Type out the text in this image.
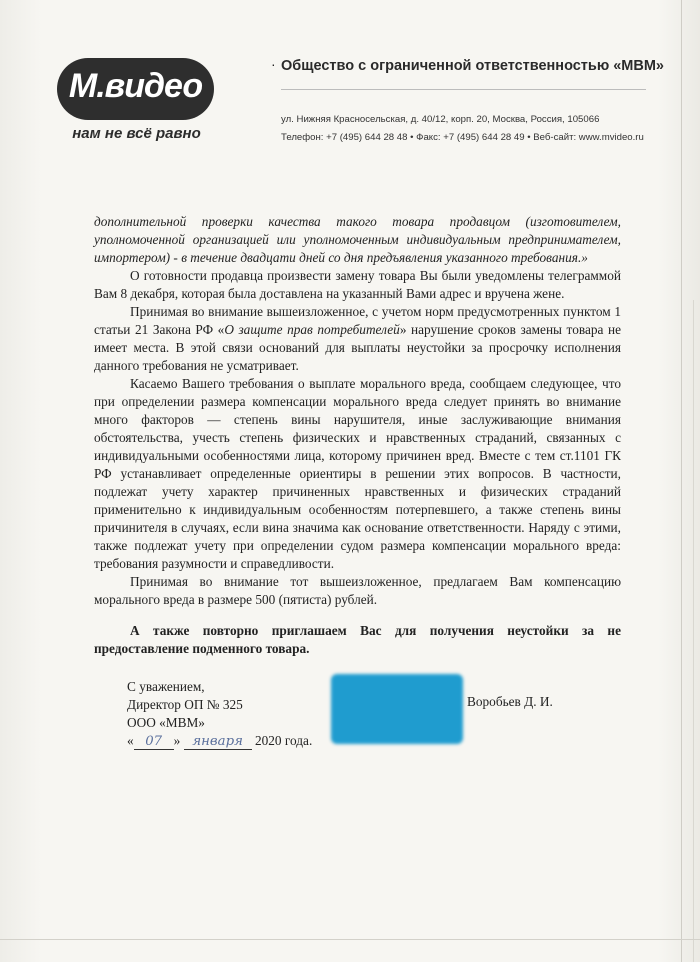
М.видео
нам не всё равно
· Общество с ограниченной ответственностью «МВМ»
ул. Нижняя Красносельская, д. 40/12, корп. 20, Москва, Россия, 105066
Телефон: +7 (495) 644 28 48 • Факс: +7 (495) 644 28 49 • Веб-сайт: www.mvideo.ru

дополнительной проверки качества такого товара продавцом (изготовителем, уполномоченной организацией или уполномоченным индивидуальным предпринимателем, импортером) - в течение двадцати дней со дня предъявления указанного требования.»

О готовности продавца произвести замену товара Вы были уведомлены телеграммой Вам 8 декабря, которая была доставлена на указанный Вами адрес и вручена жене.

Принимая во внимание вышеизложенное, с учетом норм предусмотренных пунктом 1 статьи 21 Закона РФ «О защите прав потребителей» нарушение сроков замены товара не имеет места. В этой связи оснований для выплаты неустойки за просрочку исполнения данного требования не усматривает.

Касаемо Вашего требования о выплате морального вреда, сообщаем следующее, что при определении размера компенсации морального вреда следует принять во внимание много факторов — степень вины нарушителя, иные заслуживающие внимания обстоятельства, учесть степень физических и нравственных страданий, связанных с индивидуальными особенностями лица, которому причинен вред. Вместе с тем ст.1101 ГК РФ устанавливает определенные ориентиры в решении этих вопросов. В частности, подлежат учету характер причиненных нравственных и физических страданий применительно к индивидуальным особенностям потерпевшего, а также степень вины причинителя в случаях, если вина значима как основание ответственности. Наряду с этими, также подлежат учету при определении судом размера компенсации морального вреда: требования разумности и справедливости.

Принимая во внимание тот вышеизложенное, предлагаем Вам компенсацию морального вреда в размере 500 (пятиста) рублей.

А также повторно приглашаем Вас для получения неустойки за не предоставление подменного товара.

С уважением,
Директор ОП № 325
ООО «МВМ»
« 07 » января 2020 года.
Воробьев Д. И.
